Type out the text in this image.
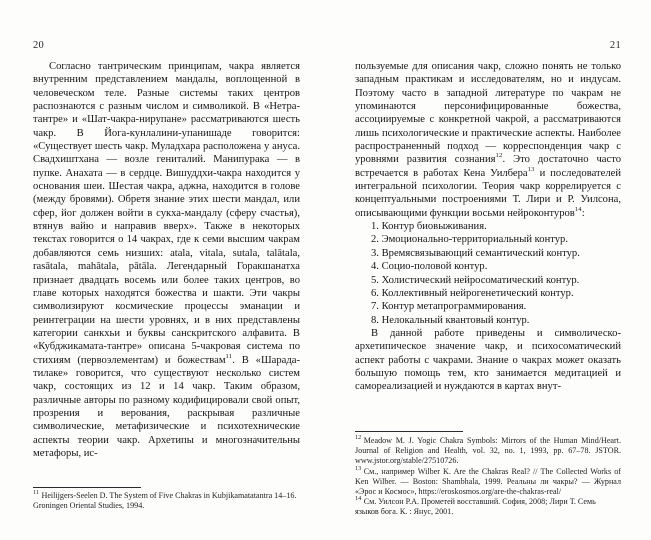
20

Согласно тантрическим принципам, чакра является внутренним представлением мандалы, воплощенной в человеческом теле. Разные системы таких центров распознаются с разным числом и символикой. В «Нетра-тантре» и «Шат-чакра-нирупане» рассматриваются шесть чакр. В Йога-кунлалини-упанишаде говорится: «Существует шесть чакр. Муладхара расположена у ануса. Свадхиштхана — возле гениталий. Манипурака — в пупке. Анахата — в сердце. Вишуддхи-чакра находится у основания шеи. Шестая чакра, аджна, находится в голове (между бровями). Обретя знание этих шести мандал, или сфер, йог должен войти в сукха-мандалу (сферу счастья), втянув вайю и направив вверх». Также в некоторых текстах говорится о 14 чакрах, где к семи высшим чакрам добавляются семь низших: atala, vitala, sutala, talātala, rasātala, mahātala, pātāla. Легендарный Горакшанатха признает двадцать восемь или более таких центров, во главе которых находятся божества и шакти. Эти чакры символизируют космические процессы эманации и реинтеграции на шести уровнях, и в них представлены категории санкхьи и буквы санскритского алфавита. В «Кубджикамата-тантре» описана 5-чакровая система по стихиям (первоэлементам) и божествам$^{11}$. В «Шарада-тилаке» говорится, что существуют несколько систем чакр, состоящих из 12 и 14 чакр. Таким образом, различные авторы по разному кодифицировали свой опыт, прозрения и верования, раскрывая различные символические, метафизические и психотехнические аспекты теории чакр. Архетипы и многозначительны метафоры, ис-

$^{11}$ Heilijgers-Seelen D. The System of Five Chakras in Kubjikamatatantra 14–16. Groningen Oriental Studies, 1994.

21

пользуемые для описания чакр, сложно понять не только западным практикам и исследователям, но и индусам. Поэтому часто в западной литературе по чакрам не упоминаются персонифицированные божества, ассоциируемые с конкретной чакрой, а рассматриваются лишь психологические и практические аспекты. Наиболее распространенный подход — корреспонденция чакр с уровнями развития сознания$^{12}$. Это достаточно часто встречается в работах Кена Уилбера$^{13}$ и последователей интегральной психологии. Теория чакр коррелируется с концептуальными построениями Т. Лири и Р. Уилсона, описывающими функции восьми нейроконтуров$^{14}$:

1. Контур биовыживания.
2. Эмоционально-территориальный контур.
3. Времясвязывающий семантический контур.
4. Социо-половой контур.
5. Холистический нейросоматический контур.
6. Коллективный нейрогенетический контур.
7. Контур метапрограммирования.
8. Нелокальный квантовый контур.

В данной работе приведены и символическо-архетипическое значение чакр, и психосоматический аспект работы с чакрами. Знание о чакрах может оказать большую помощь тем, кто занимается медитацией и самореализацией и нуждаются в картах внут-

$^{12}$ Meadow M. J. Yogic Chakra Symbols: Mirrors of the Human Mind/Heart. Journal of Religion and Health, vol. 32, no. 1, 1993, pp. 67–78. JSTOR. www.jstor.org/stable/27510726.

$^{13}$ См., например Wilber K. Are the Chakras Real? // The Collected Works of Ken Wilber. — Boston: Shambhala, 1999. Реальны ли чакры? — Журнал «Эрос и Космос», https://eroskosmos.org/are-the-chakras-real/

$^{14}$ См. Уилсон Р.А. Прометей восставший. София, 2008; Лири Т. Семь языков бога. К. : Янус, 2001.
